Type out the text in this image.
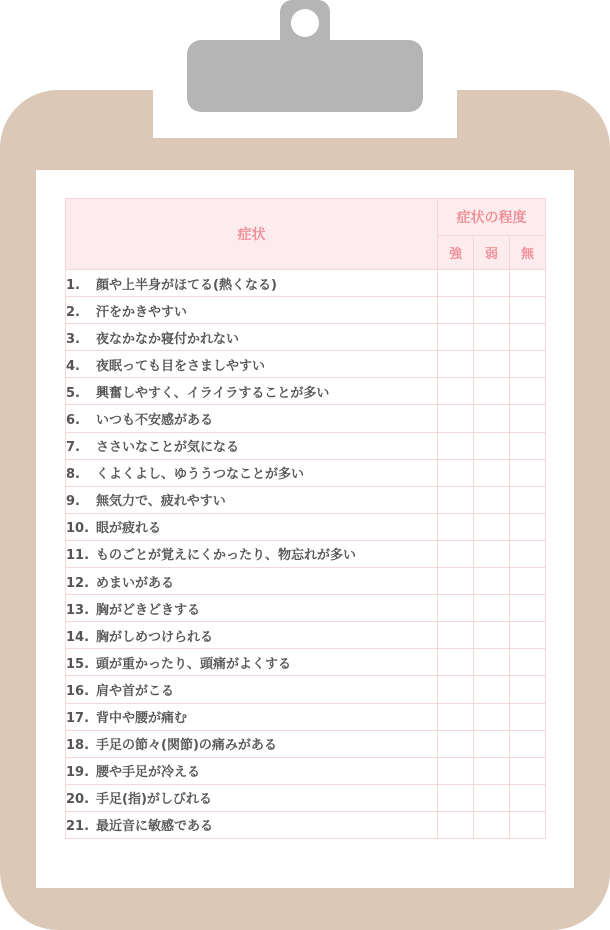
症状	症状の程度		
	強	弱	無
1. 顔や上半身がほてる(熱くなる)			
2. 汗をかきやすい			
3. 夜なかなか寝付かれない			
4. 夜眠っても目をさましやすい			
5. 興奮しやすく、イライラすることが多い			
6. いつも不安感がある			
7. ささいなことが気になる			
8. くよくよし、ゆううつなことが多い			
9. 無気力で、疲れやすい			
10. 眼が疲れる			
11. ものごとが覚えにくかったり、物忘れが多い			
12. めまいがある			
13. 胸がどきどきする			
14. 胸がしめつけられる			
15. 頭が重かったり、頭痛がよくする			
16. 肩や首がこる			
17. 背中や腰が痛む			
18. 手足の節々(関節)の痛みがある			
19. 腰や手足が冷える			
20. 手足(指)がしびれる			
21. 最近音に敏感である			
